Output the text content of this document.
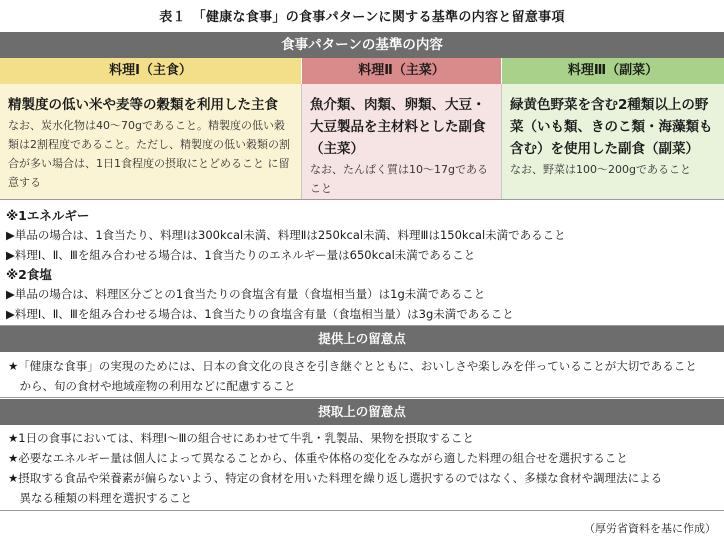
表１　「健康な食事」の食事パターンに関する基準の内容と留意事項
食事パターンの基準の内容
料理Ⅰ（主食）	料理Ⅱ（主菜）	料理Ⅲ（副菜）
精製度の低い米や麦等の穀類を利用した主食
なお、炭水化物は40〜70gであること。精製度の低い穀類は2割程度であること。ただし、精製度の低い穀類の割合が多い場合は、1日1食程度の摂取にとどめること に留意する
魚介類、肉類、卵類、大豆・大豆製品を主材料とした副食（主菜）
なお、たんぱく質は10〜17gであること
緑黄色野菜を含む2種類以上の野菜（いも類、きのこ類・海藻類も含む）を使用した副食（副菜）
なお、野菜は100〜200gであること
※1エネルギー
▶単品の場合は、1食当たり、料理Ⅰは300kcal未満、料理Ⅱは250kcal未満、料理Ⅲは150kcal未満であること
▶料理Ⅰ、Ⅱ、Ⅲを組み合わせる場合は、1食当たりのエネルギー量は650kcal未満であること
※2食塩
▶単品の場合は、料理区分ごとの1食当たりの食塩含有量（食塩相当量）は1g未満であること
▶料理Ⅰ、Ⅱ、Ⅲを組み合わせる場合は、1食当たりの食塩含有量（食塩相当量）は3g未満であること
提供上の留意点
★「健康な食事」の実現のためには、日本の食文化の良さを引き継ぐとともに、おいしさや楽しみを伴っていることが大切であること
　から、旬の食材や地域産物の利用などに配慮すること
摂取上の留意点
★1日の食事においては、料理Ⅰ〜Ⅲの組合せにあわせて牛乳・乳製品、果物を摂取すること
★必要なエネルギー量は個人によって異なることから、体重や体格の変化をみながら適した料理の組合せを選択すること
★摂取する食品や栄養素が偏らないよう、特定の食材を用いた料理を繰り返し選択するのではなく、多様な食材や調理法による
　異なる種類の料理を選択すること
（厚労省資料を基に作成）
